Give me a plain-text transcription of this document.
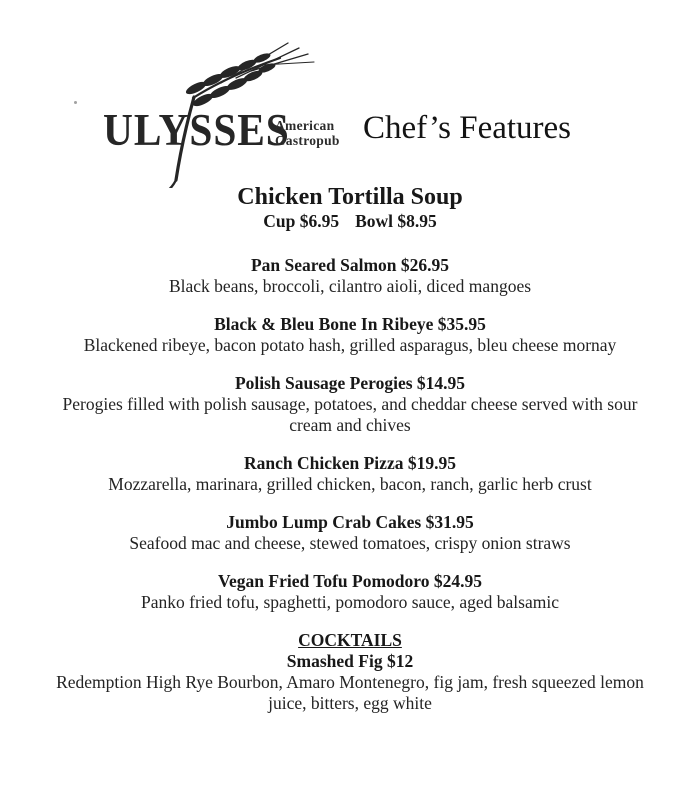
ULYSSES
American
Gastropub Chef’s Features
Chicken Tortilla Soup
Cup $6.95 Bowl $8.95
Pan Seared Salmon $26.95
Black beans, broccoli, cilantro aioli, diced mangoes
Black & Bleu Bone In Ribeye $35.95
Blackened ribeye, bacon potato hash, grilled asparagus, bleu cheese mornay
Polish Sausage Perogies $14.95
Perogies filled with polish sausage, potatoes, and cheddar cheese served with sour cream and chives
Ranch Chicken Pizza $19.95
Mozzarella, marinara, grilled chicken, bacon, ranch, garlic herb crust
Jumbo Lump Crab Cakes $31.95
Seafood mac and cheese, stewed tomatoes, crispy onion straws
Vegan Fried Tofu Pomodoro $24.95
Panko fried tofu, spaghetti, pomodoro sauce, aged balsamic
COCKTAILS
Smashed Fig $12
Redemption High Rye Bourbon, Amaro Montenegro, fig jam, fresh squeezed lemon juice, bitters, egg white
